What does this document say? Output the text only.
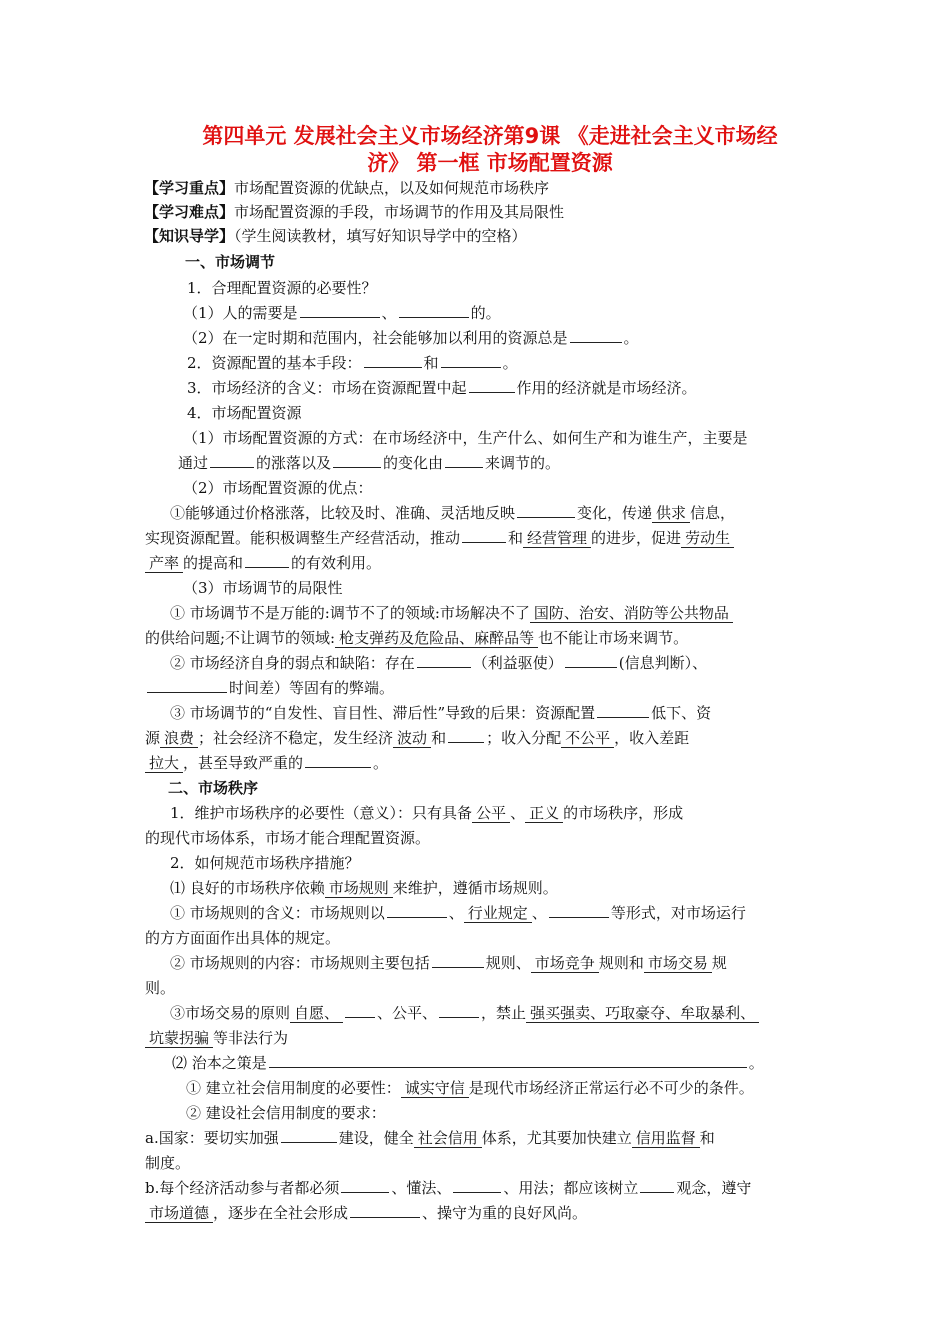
第四单元 发展社会主义市场经济第9课 《走进社会主义市场经
济》 第一框 市场配置资源
【学习重点】市场配置资源的优缺点，以及如何规范市场秩序
【学习难点】市场配置资源的手段，市场调节的作用及其局限性
【知识导学】（学生阅读教材，填写好知识导学中的空格）
一、市场调节
1．合理配置资源的必要性？
（1）人的需要是	、	的。
（2）在一定时期和范围内，社会能够加以利用的资源总是	。
2．资源配置的基本手段：	和	。
3．市场经济的含义：市场在资源配置中起	作用的经济就是市场经济。
4．市场配置资源
（1）市场配置资源的方式：在市场经济中，生产什么、如何生产和为谁生产，主要是
通过	的涨落以及	的变化由	来调节的。
（2）市场配置资源的优点：
①能够通过价格涨落，比较及时、准确、灵活地反映	变化，传递 供求 信息，
实现资源配置。能积极调整生产经营活动，推动	和 经营管理 的进步，促进 劳动生
产率 的提高和	的有效利用。
（3）市场调节的局限性
① 市场调节不是万能的:调节不了的领域:市场解决不了 国防、治安、消防等公共物品
的供给问题;不让调节的领域: 枪支弹药及危险品、麻醉品等 也不能让市场来调节。
② 市场经济自身的弱点和缺陷：存在	（利益驱使）	(信息判断）、
时间差）等固有的弊端。
③ 市场调节的“自发性、盲目性、滞后性”导致的后果：资源配置	低下、资
源 浪费 ；社会经济不稳定，发生经济 波动 和	；收入分配 不公平 ，收入差距
拉大 ，甚至导致严重的	。
二、市场秩序
1．维护市场秩序的必要性（意义）：只有具备 公平 、 正义 的市场秩序，形成
的现代市场体系，市场才能合理配置资源。
2．如何规范市场秩序措施？
⑴ 良好的市场秩序依赖 市场规则 来维护，遵循市场规则。
① 市场规则的含义：市场规则以	、 行业规定 、	等形式，对市场运行
的方方面面作出具体的规定。
② 市场规则的内容：市场规则主要包括	规则、 市场竞争 规则和 市场交易 规
则。
③市场交易的原则 自愿、	、公平、	，禁止 强买强卖、巧取豪夺、牟取暴利、
坑蒙拐骗 等非法行为
⑵ 治本之策是	。
① 建立社会信用制度的必要性： 诚实守信 是现代市场经济正常运行必不可少的条件。
② 建设社会信用制度的要求：
a.国家：要切实加强	建设，健全 社会信用 体系，尤其要加快建立 信用监督 和
制度。
b.每个经济活动参与者都必须	、懂法、	、用法；都应该树立	观念，遵守
市场道德 ，逐步在全社会形成	、操守为重的良好风尚。
